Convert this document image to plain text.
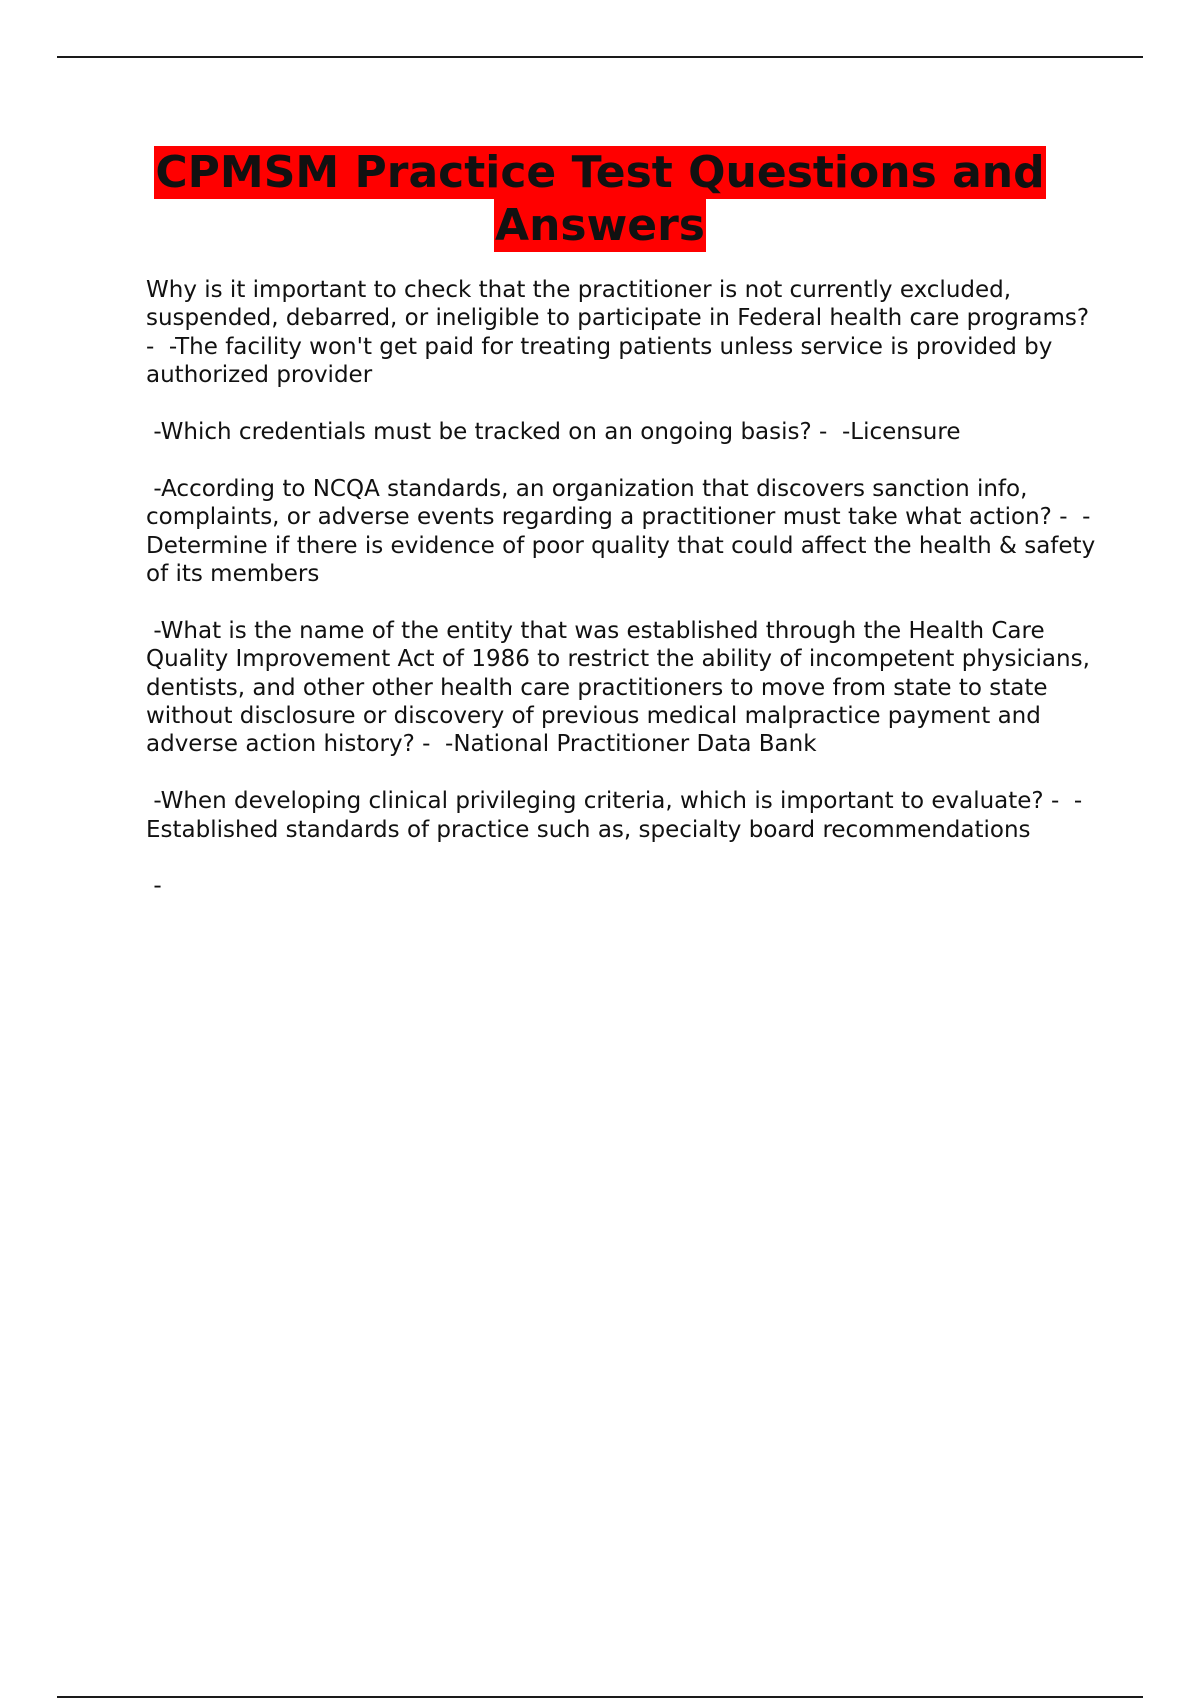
CPMSM Practice Test Questions and
Answers

Why is it important to check that the practitioner is not currently excluded, suspended, debarred, or ineligible to participate in Federal health care programs? -  -The facility won't get paid for treating patients unless service is provided by authorized provider

-Which credentials must be tracked on an ongoing basis? -  -Licensure

-According to NCQA standards, an organization that discovers sanction info, complaints, or adverse events regarding a practitioner must take what action? -  -Determine if there is evidence of poor quality that could affect the health & safety of its members

-What is the name of the entity that was established through the Health Care Quality Improvement Act of 1986 to restrict the ability of incompetent physicians, dentists, and other other health care practitioners to move from state to state without disclosure or discovery of previous medical malpractice payment and adverse action history? -  -National Practitioner Data Bank

-When developing clinical privileging criteria, which is important to evaluate? -  -Established standards of practice such as, specialty board recommendations

-
